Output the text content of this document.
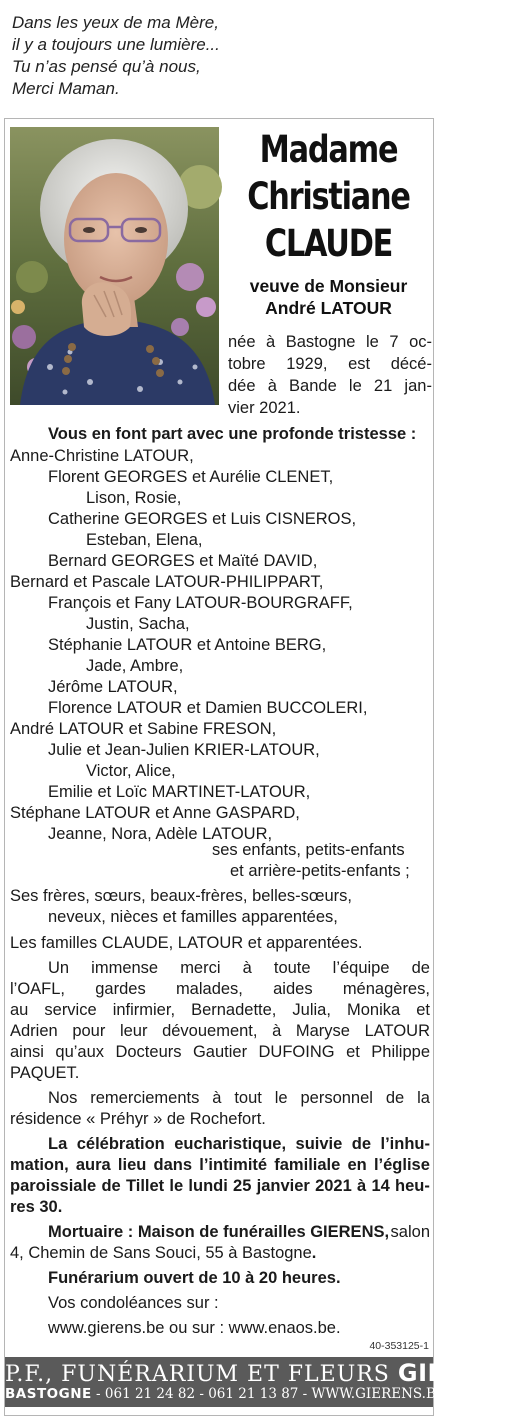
Dans les yeux de ma Mère,
il y a toujours une lumière...
Tu n’as pensé qu’à nous,
Merci Maman.
Madame
Christiane
CLAUDE
veuve de Monsieur
André LATOUR
née à Bastogne le 7 oc-
tobre 1929, est décé-
dée à Bande le 21 jan-
vier 2021.
Vous en font part avec une profonde tristesse :
Anne-Christine LATOUR,
Florent GEORGES et Aurélie CLENET,
Lison, Rosie,
Catherine GEORGES et Luis CISNEROS,
Esteban, Elena,
Bernard GEORGES et Maïté DAVID,
Bernard et Pascale LATOUR-PHILIPPART,
François et Fany LATOUR-BOURGRAFF,
Justin, Sacha,
Stéphanie LATOUR et Antoine BERG,
Jade, Ambre,
Jérôme LATOUR,
Florence LATOUR et Damien BUCCOLERI,
André LATOUR et Sabine FRESON,
Julie et Jean-Julien KRIER-LATOUR,
Victor, Alice,
Emilie et Loïc MARTINET-LATOUR,
Stéphane LATOUR et Anne GASPARD,
Jeanne, Nora, Adèle LATOUR,
ses enfants, petits-enfants
et arrière-petits-enfants ;
Ses frères, sœurs, beaux-frères, belles-sœurs,
neveux, nièces et familles apparentées,
Les familles CLAUDE, LATOUR et apparentées.
Un immense merci à toute l’équipe de
l’OAFL, gardes malades, aides ménagères,
au service infirmier, Bernadette, Julia, Monika et
Adrien pour leur dévouement, à Maryse LATOUR
ainsi qu’aux Docteurs Gautier DUFOING et Philippe
PAQUET.
Nos remerciements à tout le personnel de la
résidence « Préhyr » de Rochefort.
La célébration eucharistique, suivie de l’inhu-
mation, aura lieu dans l’intimité familiale en l’église
paroissiale de Tillet le lundi 25 janvier 2021 à 14 heu-
res 30.
Mortuaire : Maison de funérailles GIERENS, salon
4, Chemin de Sans Souci, 55 à Bastogne.
Funérarium ouvert de 10 à 20 heures.
Vos condoléances sur :
www.gierens.be ou sur : www.enaos.be.
40-353125-1
P.F., FUNÉRARIUM ET FLEURS GIERENS
BASTOGNE - 061 21 24 82 - 061 21 13 87 - WWW.GIERENS.BE
